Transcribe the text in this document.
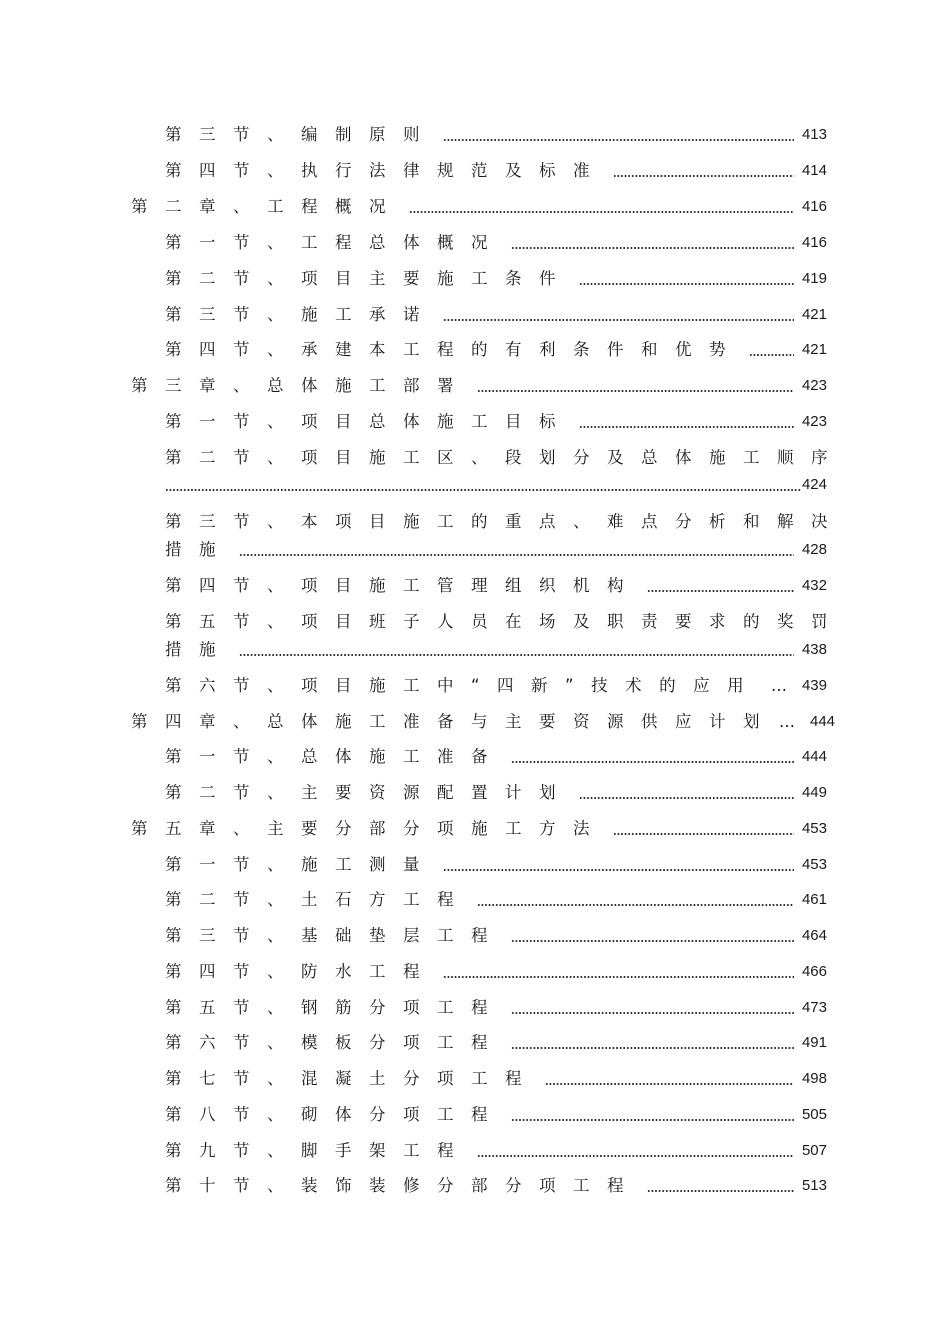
第三节、编制原则	413
第四节、执行法律规范及标准	414
第二章、工程概况	416
第一节、工程总体概况	416
第二节、项目主要施工条件	419
第三节、施工承诺	421
第四节、承建本工程的有利条件和优势	421
第三章、总体施工部署	423
第一节、项目总体施工目标	423
第二节、项目施工区、段划分及总体施工顺序
424
第三节、本项目施工的重点、难点分析和解决
措施	428
第四节、项目施工管理组织机构	432
第五节、项目班子人员在场及职责要求的奖罚
措施	438
第六节、项目施工中“四新”技术的应用 … 439
第四章、总体施工准备与主要资源供应计划 … 444
第一节、总体施工准备	444
第二节、主要资源配置计划	449
第五章、主要分部分项施工方法	453
第一节、施工测量	453
第二节、土石方工程	461
第三节、基础垫层工程	464
第四节、防水工程	466
第五节、钢筋分项工程	473
第六节、模板分项工程	491
第七节、混凝土分项工程	498
第八节、砌体分项工程	505
第九节、脚手架工程	507
第十节、装饰装修分部分项工程	513
